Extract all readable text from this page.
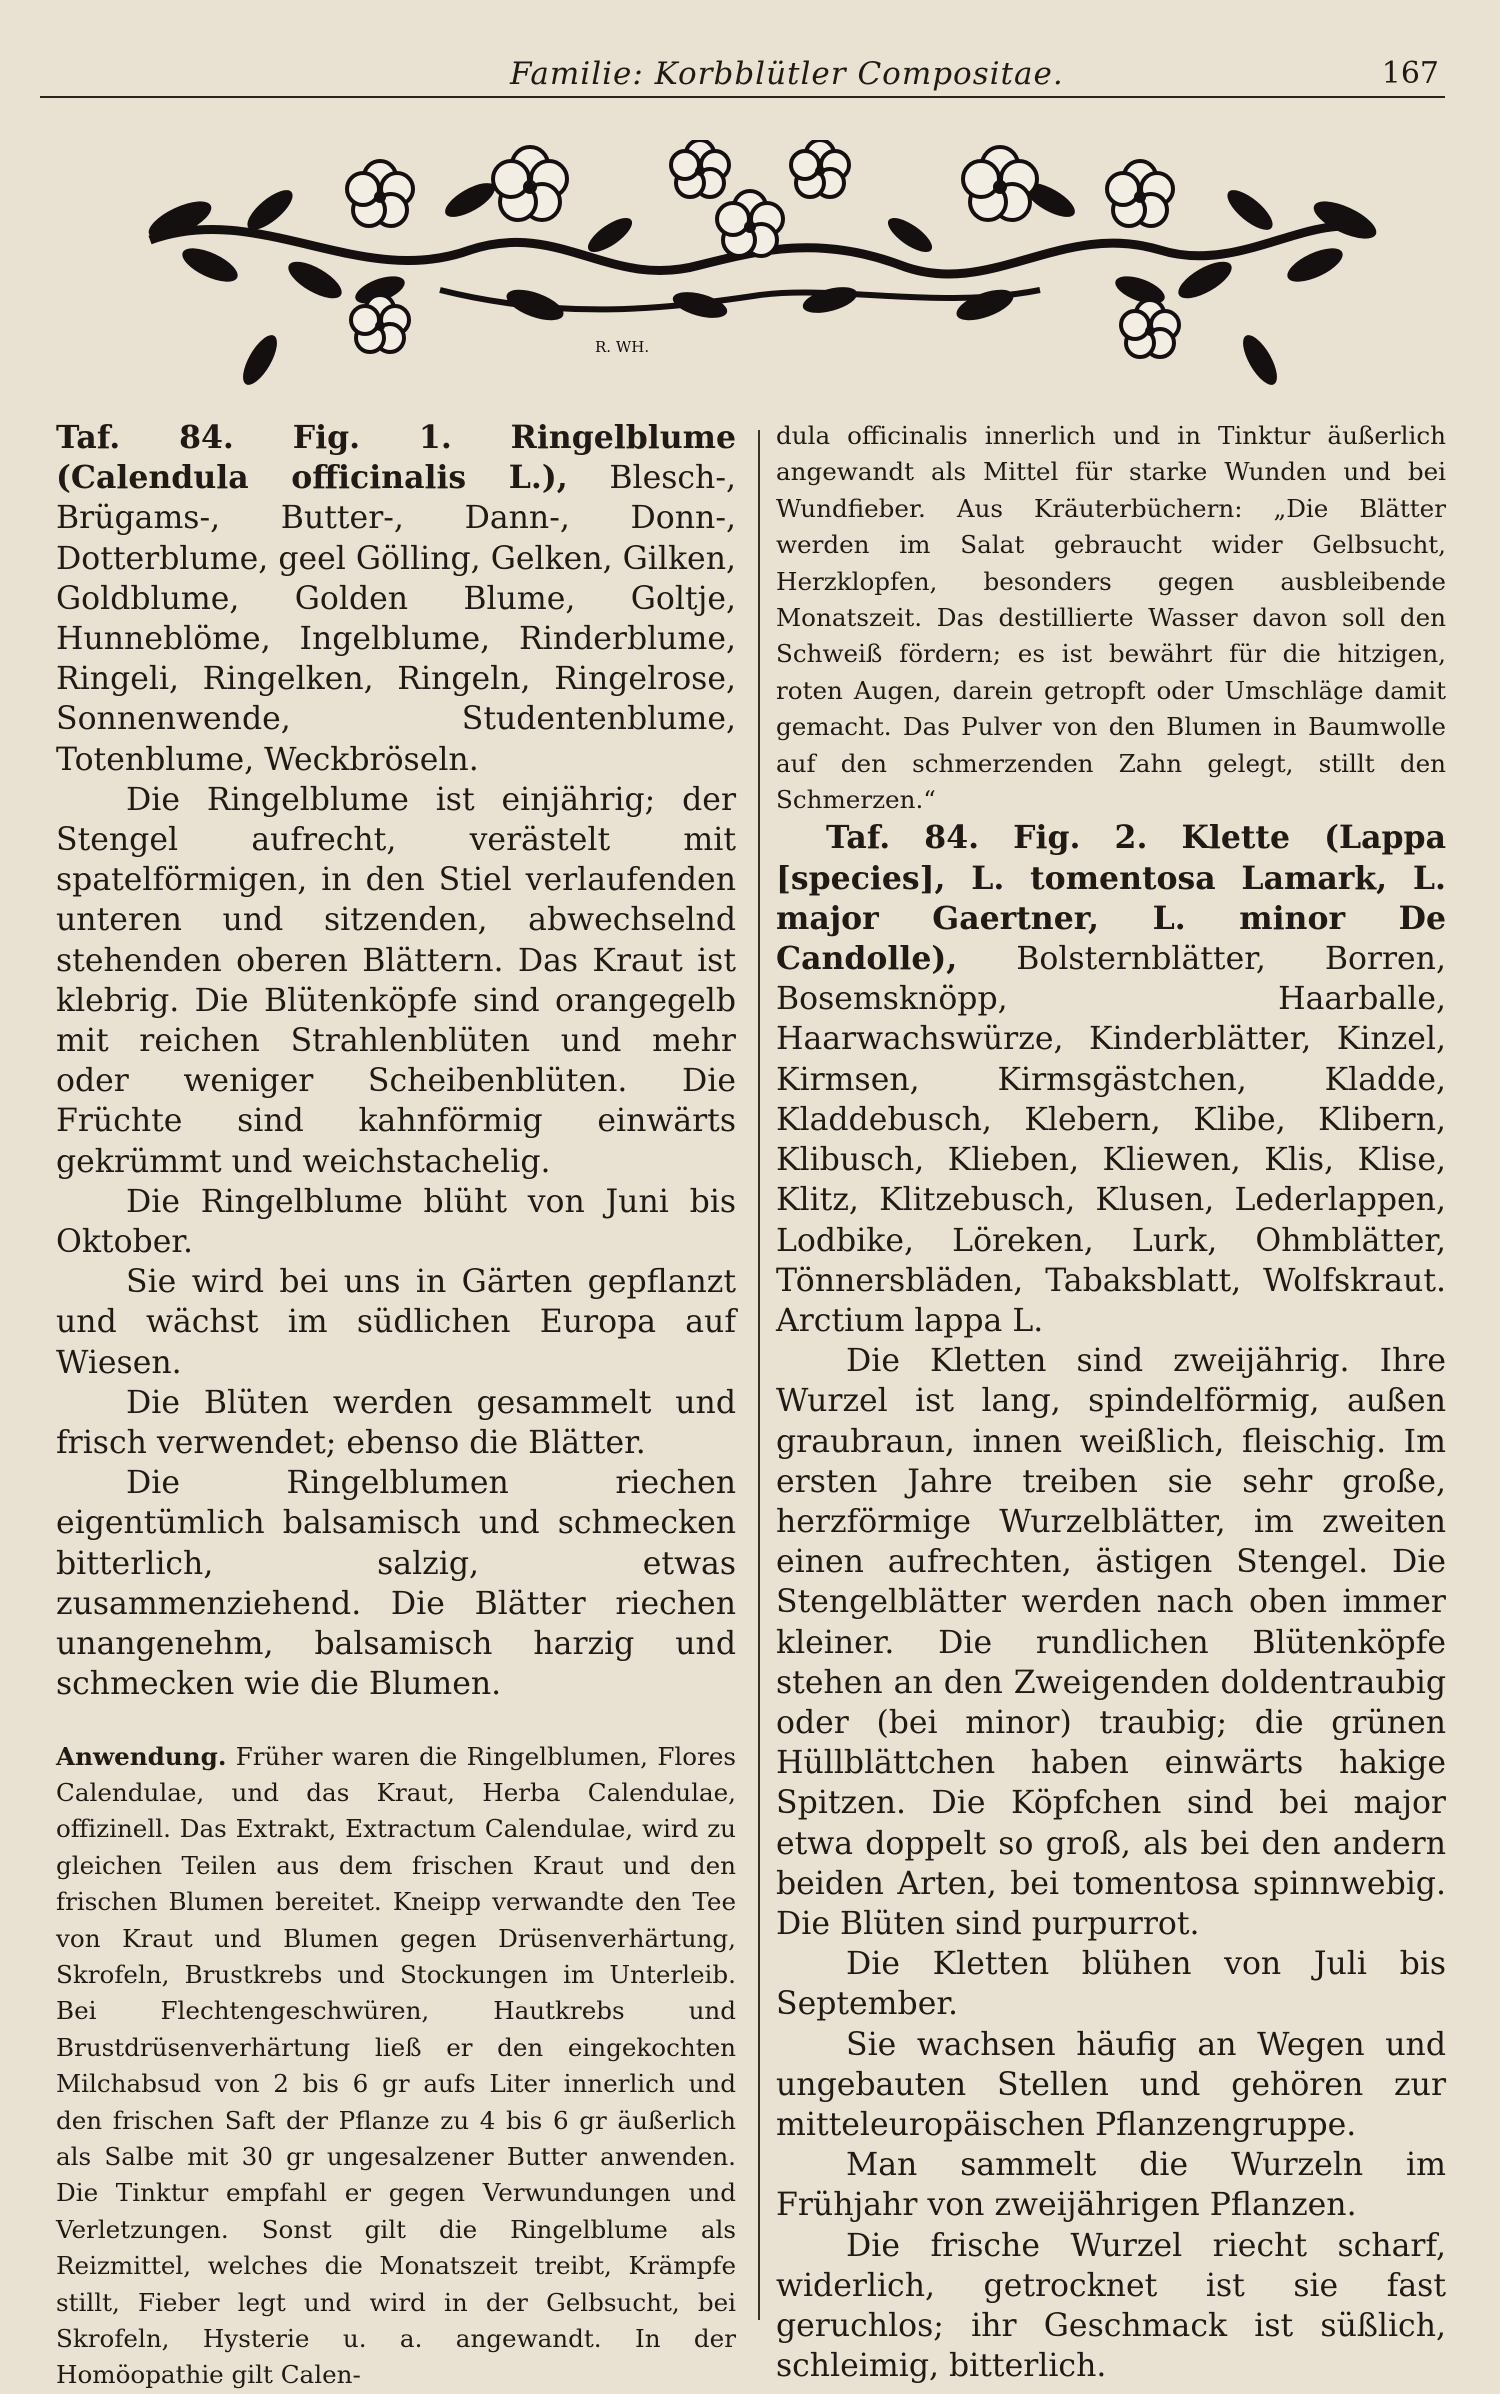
Familie: Korbblütler Compositae.	167
R. WH.

Taf. 84. Fig. 1. Ringelblume (Calendula officinalis L.), Blesch-, Brügams-, Butter-, Dann-, Donn-, Dotterblume, geel Gölling, Gelken, Gilken, Goldblume, Golden Blume, Goltje, Hunneblöme, Ingelblume, Rinderblume, Ringeli, Ringelken, Ringeln, Ringelrose, Sonnenwende, Studentenblume, Totenblume, Weckbröseln.

Die Ringelblume ist einjährig; der Stengel aufrecht, verästelt mit spatelförmigen, in den Stiel verlaufenden unteren und sitzenden, abwechselnd stehenden oberen Blättern. Das Kraut ist klebrig. Die Blütenköpfe sind orangegelb mit reichen Strahlenblüten und mehr oder weniger Scheibenblüten. Die Früchte sind kahnförmig einwärts gekrümmt und weichstachelig.

Die Ringelblume blüht von Juni bis Oktober.

Sie wird bei uns in Gärten gepflanzt und wächst im südlichen Europa auf Wiesen.

Die Blüten werden gesammelt und frisch verwendet; ebenso die Blätter.

Die Ringelblumen riechen eigentümlich balsamisch und schmecken bitterlich, salzig, etwas zusammenziehend. Die Blätter riechen unangenehm, balsamisch harzig und schmecken wie die Blumen.

Anwendung. Früher waren die Ringelblumen, Flores Calendulae, und das Kraut, Herba Calendulae, offizinell. Das Extrakt, Extractum Calendulae, wird zu gleichen Teilen aus dem frischen Kraut und den frischen Blumen bereitet. Kneipp verwandte den Tee von Kraut und Blumen gegen Drüsenverhärtung, Skrofeln, Brustkrebs und Stockungen im Unterleib. Bei Flechtengeschwüren, Hautkrebs und Brustdrüsenverhärtung ließ er den eingekochten Milchabsud von 2 bis 6 gr aufs Liter innerlich und den frischen Saft der Pflanze zu 4 bis 6 gr äußerlich als Salbe mit 30 gr ungesalzener Butter anwenden. Die Tinktur empfahl er gegen Verwundungen und Verletzungen. Sonst gilt die Ringelblume als Reizmittel, welches die Monatszeit treibt, Krämpfe stillt, Fieber legt und wird in der Gelbsucht, bei Skrofeln, Hysterie u. a. angewandt. In der Homöopathie gilt Calen-

dula officinalis innerlich und in Tinktur äußerlich angewandt als Mittel für starke Wunden und bei Wundfieber. Aus Kräuterbüchern: „Die Blätter werden im Salat gebraucht wider Gelbsucht, Herzklopfen, besonders gegen ausbleibende Monatszeit. Das destillierte Wasser davon soll den Schweiß fördern; es ist bewährt für die hitzigen, roten Augen, darein getropft oder Umschläge damit gemacht. Das Pulver von den Blumen in Baumwolle auf den schmerzenden Zahn gelegt, stillt den Schmerzen.“

Taf. 84. Fig. 2. Klette (Lappa [species], L. tomentosa Lamark, L. major Gaertner, L. minor De Candolle), Bolsternblätter, Borren, Bosemsknöpp, Haarballe, Haarwachswürze, Kinderblätter, Kinzel, Kirmsen, Kirmsgästchen, Kladde, Kladdebusch, Klebern, Klibe, Klibern, Klibusch, Klieben, Kliewen, Klis, Klise, Klitz, Klitzebusch, Klusen, Lederlappen, Lodbike, Löreken, Lurk, Ohmblätter, Tönnersbläden, Tabaksblatt, Wolfskraut. Arctium lappa L.

Die Kletten sind zweijährig. Ihre Wurzel ist lang, spindelförmig, außen graubraun, innen weißlich, fleischig. Im ersten Jahre treiben sie sehr große, herzförmige Wurzelblätter, im zweiten einen aufrechten, ästigen Stengel. Die Stengelblätter werden nach oben immer kleiner. Die rundlichen Blütenköpfe stehen an den Zweigenden doldentraubig oder (bei minor) traubig; die grünen Hüllblättchen haben einwärts hakige Spitzen. Die Köpfchen sind bei major etwa doppelt so groß, als bei den andern beiden Arten, bei tomentosa spinnwebig. Die Blüten sind purpurrot.

Die Kletten blühen von Juli bis September.

Sie wachsen häufig an Wegen und ungebauten Stellen und gehören zur mitteleuropäischen Pflanzengruppe.

Man sammelt die Wurzeln im Frühjahr von zweijährigen Pflanzen.

Die frische Wurzel riecht scharf, widerlich, getrocknet ist sie fast geruchlos; ihr Geschmack ist süßlich, schleimig, bitterlich.
